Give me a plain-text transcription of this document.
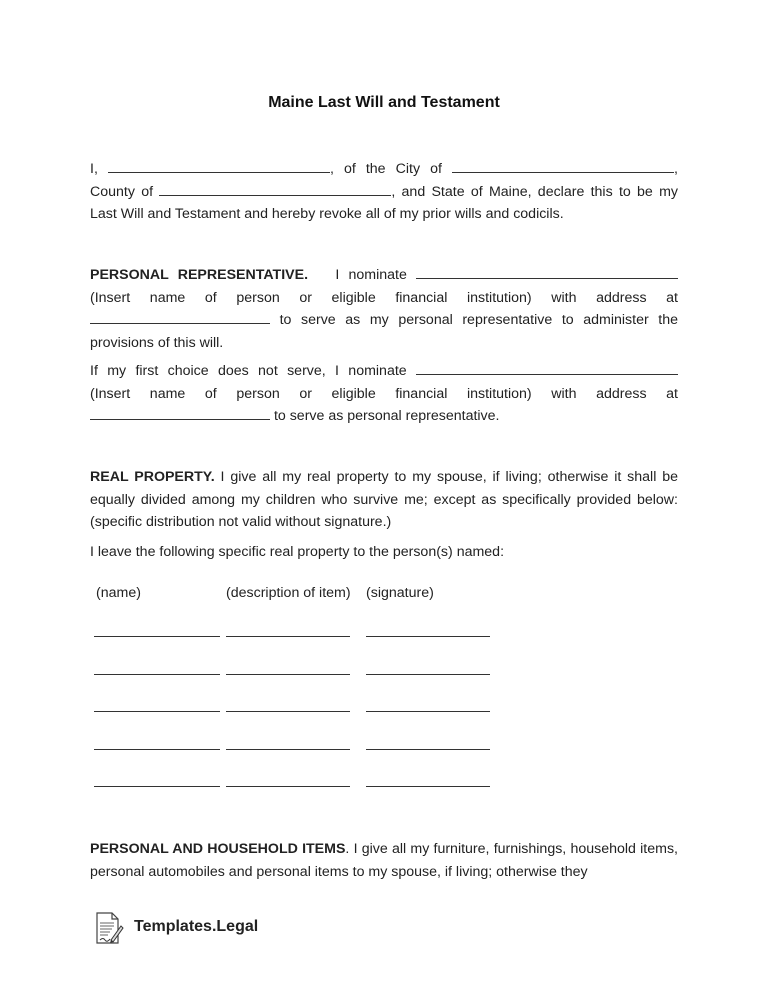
Maine Last Will and Testament

I,	, of the City of	,

County of	, and State of Maine, declare this to be my Last Will and Testament and hereby revoke all of my prior wills and codicils.

PERSONAL REPRESENTATIVE. I nominate

(Insert name of person or eligible financial institution) with address at  to serve as my personal representative to administer the provisions of this will.

If my first choice does not serve, I nominate

(Insert name of person or eligible financial institution) with address at  to serve as personal representative.

REAL PROPERTY. I give all my real property to my spouse, if living; otherwise it shall be equally divided among my children who survive me; except as specifically provided below: (specific distribution not valid without signature.)

I leave the following specific real property to the person(s) named:

(name)	(description of item) (signature)

PERSONAL AND HOUSEHOLD ITEMS. I give all my furniture, furnishings, household items, personal automobiles and personal items to my spouse, if living; otherwise they

Templates.Legal
